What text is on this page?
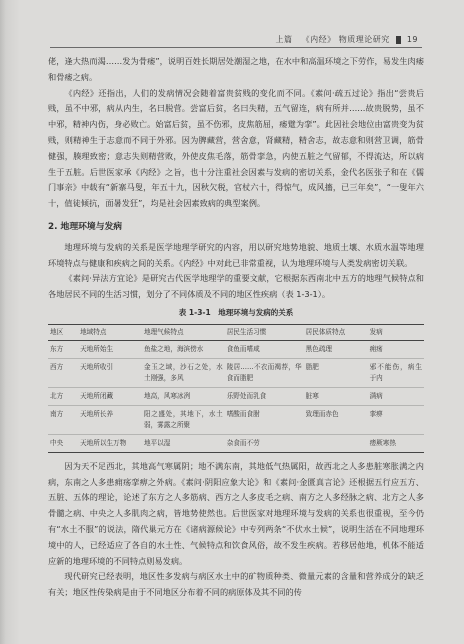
上篇 《内经》 物质理论研究 19

佬，逢大热而渴……发为骨痿”，说明百姓长期居处潮湿之地，在水中和高温环境之下劳作，易发生肉痿和骨痿之病。

《内经》还指出，人们的发病情况会随着富贵贫贱的变化而不同。《素问·疏五过论》指出“尝贵后贱，虽不中邪，病从内生，名曰脱营。尝富后贫，名曰失精，五气留连，病有所并……故贵脱势，虽不中邪，精神内伤，身必败亡。始富后贫，虽不伤邪，皮焦筋屈，痿躄为挛”。此因社会地位由富贵变为贫贱，则精神生于志意而不同于外邪。因为脾藏营，营舍意，肾藏精，精舍志，故志意和则营卫调，筋骨健强，腠理致密；意志失则精营败，外使皮焦毛落，筋骨挛急，内使五脏之气留郁，不得流达，所以病生于五脏。后世医家承《内经》之旨，也十分注重社会因素与发病的密切关系，金代名医张子和在《儒门事亲》中载有“新寨马叟，年五十九，因秋欠税，官杖六十，得惊气，成风搐，已三年矣”，“一叟年六十，值徒倾抗，面暑发狂”，均是社会因素致病的典型案例。

2. 地理环境与发病

地理环境与发病的关系是医学地理学研究的内容，用以研究地势地貌、地质土壤、水质水温等地理环境特点与健康和疾病之间的关系。《内经》中对此已非常重视，认为地理环境与人类发病密切关联。

《素问·异法方宜论》是研究古代医学地理学的重要文献，它根据东西南北中五方的地理气候特点和各地居民不同的生活习惯，划分了不同体质及不同的地区性疾病（表 1-3-1）。

表 1-3-1　地理环境与发病的关系
地区	地域特点	地理气候特点	居民生活习惯	居民体质特点	发病
东方	天地所始生	鱼盐之地，海滨傍水	食鱼而嗜咸	黑色疏理	痈疡
西方	天地所收引	金玉之域，沙石之处，水土刚强，多风	陵居……不衣而褐荐，华食而脂肥	脂肥	邪不能伤，病生于内
北方	天地所闭藏	地高，风寒冰冽	乐野处而乳食	脏寒	满病
南方	天地所长养	阳之盛处，其地下，水土弱，雾露之所聚	嗜酸而食胕	致理而赤色	挛痹
中央	天地所以生万物	地平以湿	杂食而不劳		痿厥寒热

因为天不足西北，其地高气寒属阴；地不满东南，其地低气热属阳，故西北之人多患脏寒胀满之内病，东南之人多患痈疡挛痹之外病。《素问·阴阳应象大论》和《素问·金匮真言论》还根据五行应五方、五脏、五体的理论，论述了东方之人多筋病、西方之人多皮毛之病、南方之人多经脉之病、北方之人多骨髓之病、中央之人多肌肉之病，皆地势使然也。后世医家对地理环境与发病的关系也很重视，至今仍有“水土不服”的说法，隋代巢元方在《诸病源候论》中专列两条“不伏水土候”，说明生活在不同地理环境中的人，已经适应了各自的水土性、气候特点和饮食风俗，故不发生疾病。若移居他地，机体不能适应新的地理环境的不同特点则易发病。

现代研究已经表明，地区性多发病与病区水土中的矿物质种类、微量元素的含量和营养成分的缺乏有关；地区性传染病是由于不同地区分布着不同的病原体及其不同的传
